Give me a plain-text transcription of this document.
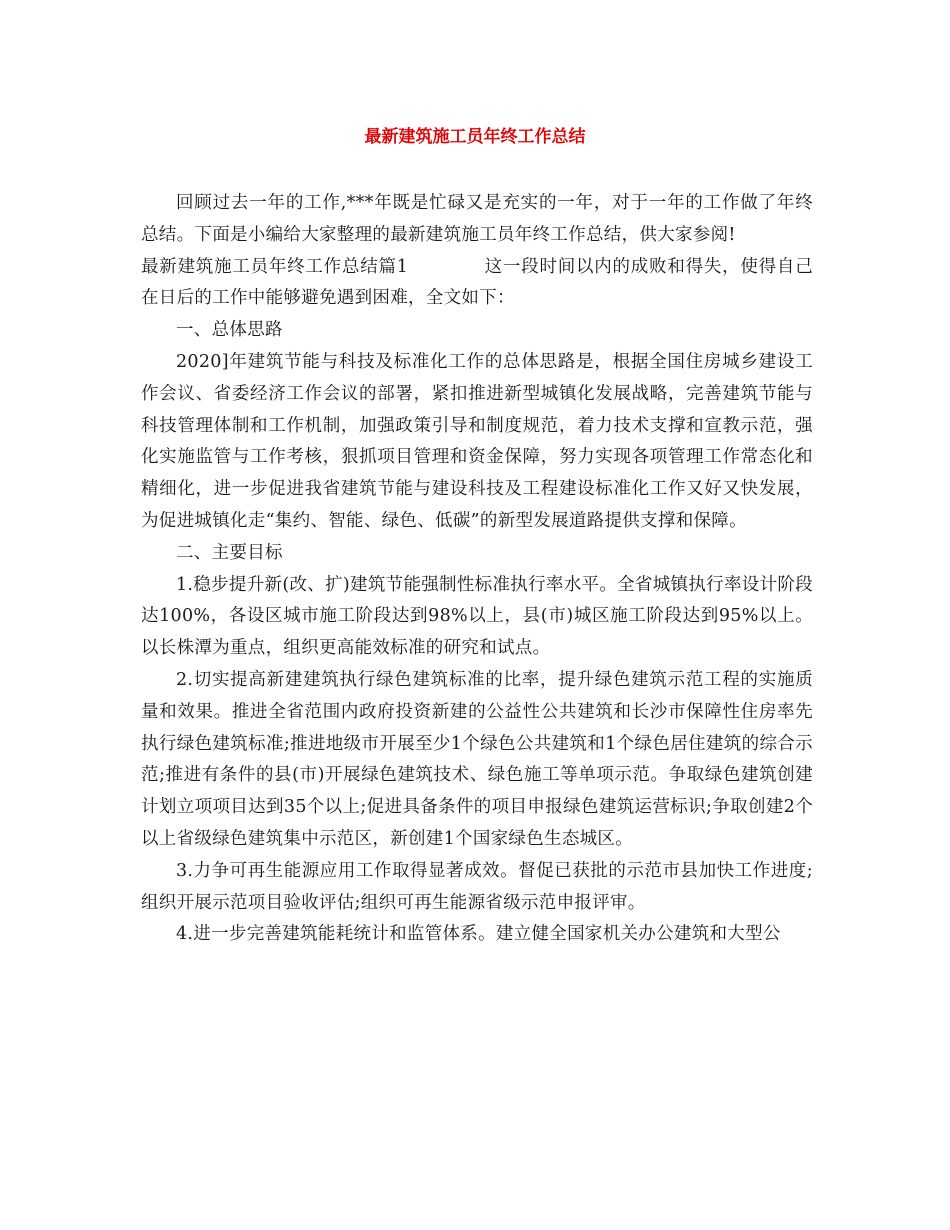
最新建筑施工员年终工作总结

回顾过去一年的工作,***年既是忙碌又是充实的一年，对于一年的工作做了年终总结。下面是小编给大家整理的最新建筑施工员年终工作总结，供大家参阅!

最新建筑施工员年终工作总结篇1	这一段时间以内的成败和得失，使得自己在日后的工作中能够避免遇到困难，全文如下：

一、总体思路

2020]年建筑节能与科技及标准化工作的总体思路是，根据全国住房城乡建设工作会议、省委经济工作会议的部署，紧扣推进新型城镇化发展战略，完善建筑节能与科技管理体制和工作机制，加强政策引导和制度规范，着力技术支撑和宣教示范，强化实施监管与工作考核，狠抓项目管理和资金保障，努力实现各项管理工作常态化和精细化，进一步促进我省建筑节能与建设科技及工程建设标准化工作又好又快发展，为促进城镇化走“集约、智能、绿色、低碳”的新型发展道路提供支撑和保障。

二、主要目标

1.稳步提升新(改、扩)建筑节能强制性标准执行率水平。全省城镇执行率设计阶段达100%，各设区城市施工阶段达到98%以上，县(市)城区施工阶段达到95%以上。以长株潭为重点，组织更高能效标准的研究和试点。

2.切实提高新建建筑执行绿色建筑标准的比率，提升绿色建筑示范工程的实施质量和效果。推进全省范围内政府投资新建的公益性公共建筑和长沙市保障性住房率先执行绿色建筑标准;推进地级市开展至少1个绿色公共建筑和1个绿色居住建筑的综合示范;推进有条件的县(市)开展绿色建筑技术、绿色施工等单项示范。争取绿色建筑创建计划立项项目达到35个以上;促进具备条件的项目申报绿色建筑运营标识;争取创建2个以上省级绿色建筑集中示范区，新创建1个国家绿色生态城区。

3.力争可再生能源应用工作取得显著成效。督促已获批的示范市县加快工作进度;组织开展示范项目验收评估;组织可再生能源省级示范申报评审。

4.进一步完善建筑能耗统计和监管体系。建立健全国家机关办公建筑和大型公
